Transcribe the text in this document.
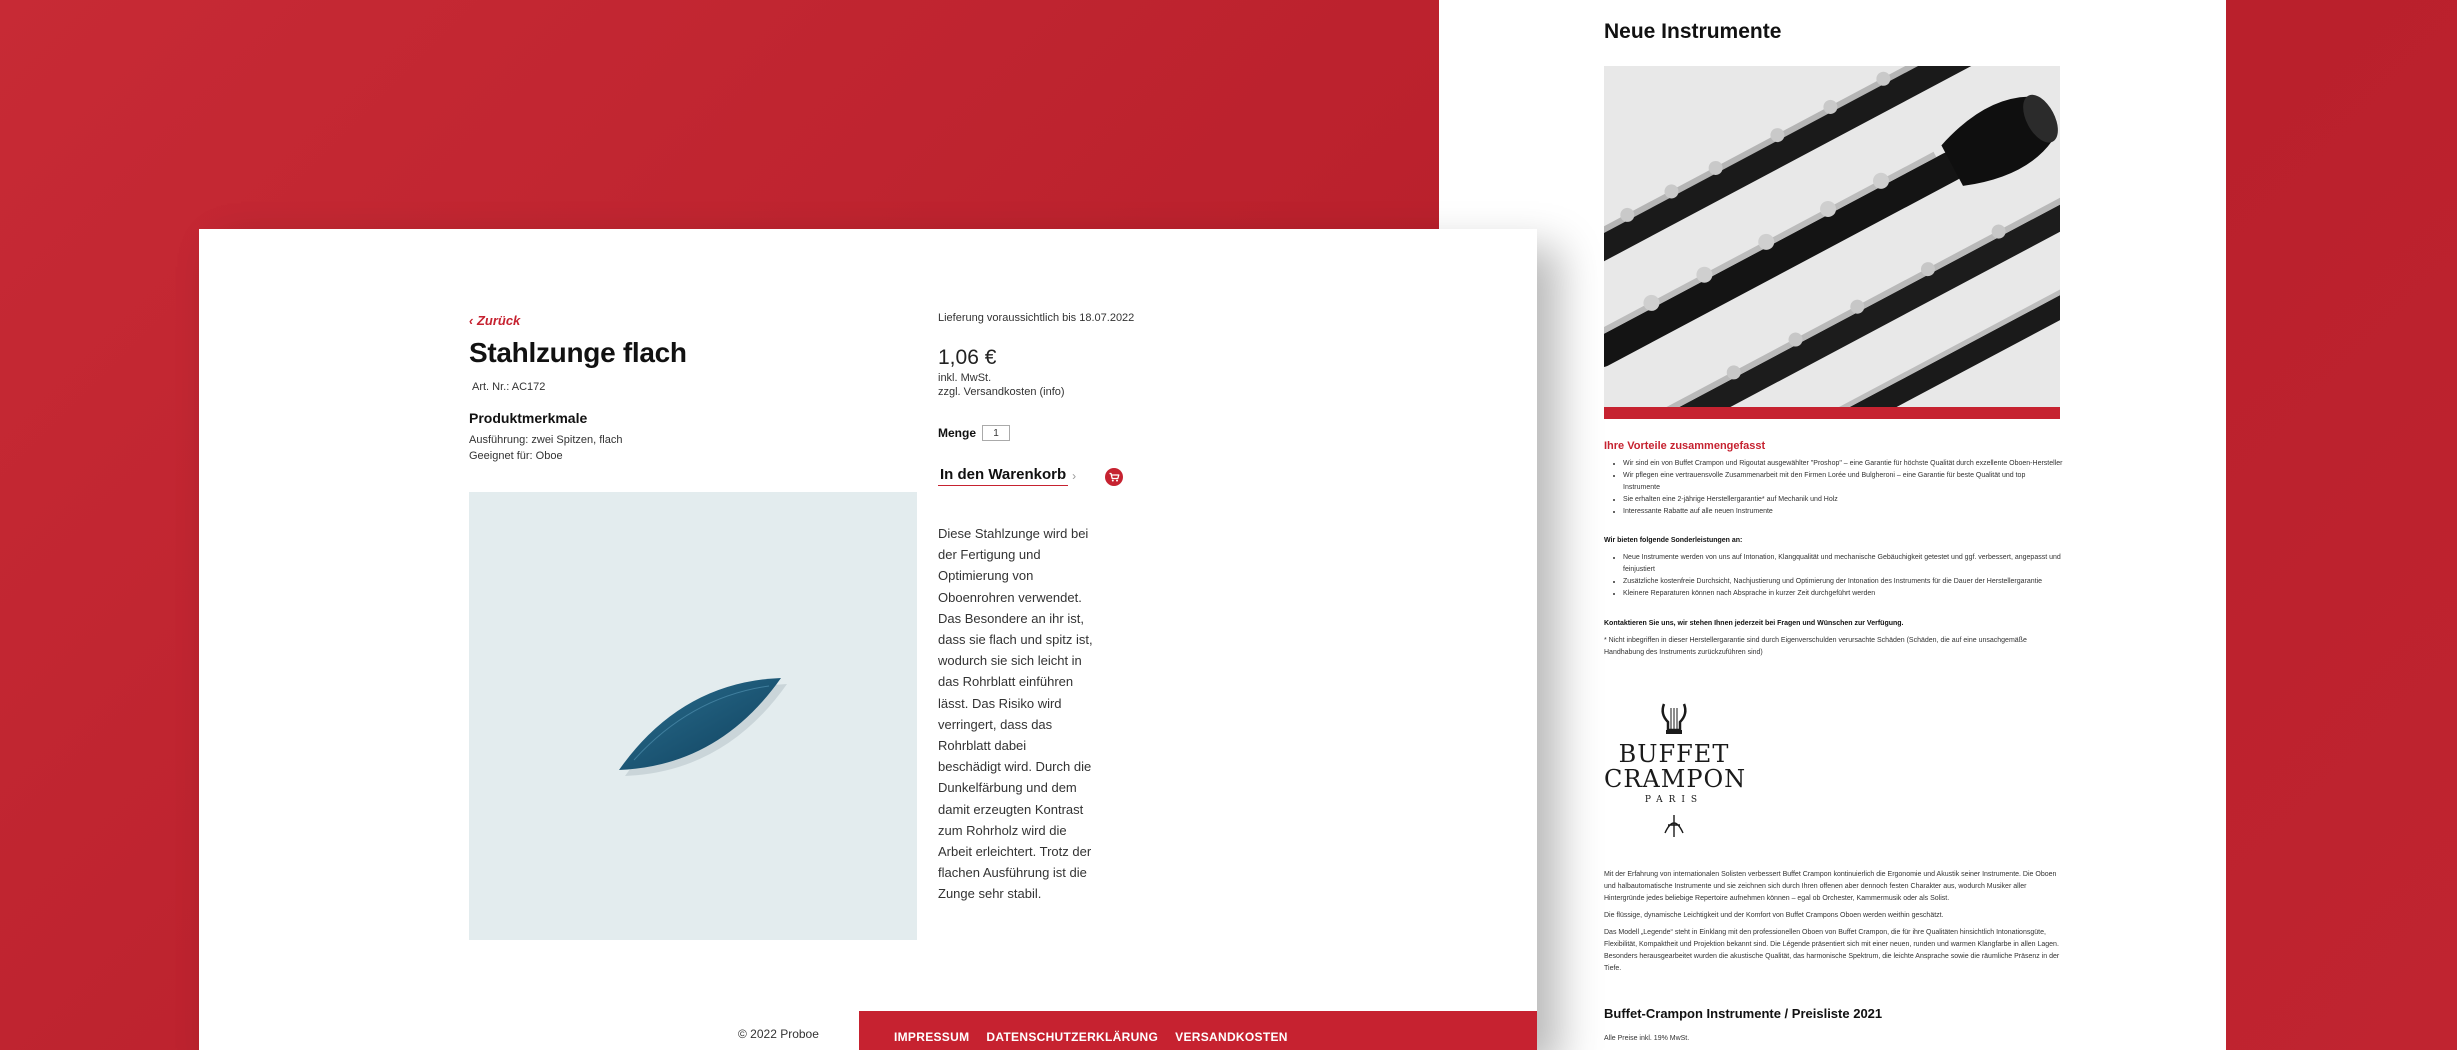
Neue Instrumente
Ihre Vorteile zusammengefasst
• Wir sind ein von Buffet Crampon und Rigoutat ausgewählter "Proshop" – eine Garantie für höchste Qualität durch exzellente Oboen-Hersteller
• Wir pflegen eine vertrauensvolle Zusammenarbeit mit den Firmen Lorée und Bulgheroni – eine Garantie für beste Qualität und top Instrumente
• Sie erhalten eine 2-jährige Herstellergarantie* auf Mechanik und Holz
• Interessante Rabatte auf alle neuen Instrumente
Wir bieten folgende Sonderleistungen an:
• Neue Instrumente werden von uns auf Intonation, Klangqualität und mechanische Gebäuchigkeit getestet und ggf. verbessert, angepasst und feinjustiert
• Zusätzliche kostenfreie Durchsicht, Nachjustierung und Optimierung der Intonation des Instruments für die Dauer der Herstellergarantie
• Kleinere Reparaturen können nach Absprache in kurzer Zeit durchgeführt werden
Kontaktieren Sie uns, wir stehen Ihnen jederzeit bei Fragen und Wünschen zur Verfügung.
* Nicht inbegriffen in dieser Herstellergarantie sind durch Eigenverschulden verursachte Schäden (Schäden, die auf eine unsachgemäße Handhabung des Instruments zurückzuführen sind)
BUFFET
CRAMPON
PARIS

Mit der Erfahrung von internationalen Solisten verbessert Buffet Crampon kontinuierlich die Ergonomie und Akustik seiner Instrumente. Die Oboen und halbautomatische Instrumente und sie zeichnen sich durch Ihren offenen aber dennoch festen Charakter aus, wodurch Musiker aller Hintergründe jedes beliebige Repertoire aufnehmen können – egal ob Orchester, Kammermusik oder als Solist.

Die flüssige, dynamische Leichtigkeit und der Komfort von Buffet Crampons Oboen werden weithin geschätzt.

Das Modell „Legende“ steht in Einklang mit den professionellen Oboen von Buffet Crampon, die für ihre Qualitäten hinsichtlich Intonationsgüte, Flexibilität, Kompaktheit und Projektion bekannt sind. Die Légende präsentiert sich mit einer neuen, runden und warmen Klangfarbe in allen Lagen. Besonders herausgearbeitet wurden die akustische Qualität, das harmonische Spektrum, die leichte Ansprache sowie die räumliche Präsenz in der Tiefe.

Buffet-Crampon Instrumente / Preisliste 2021
Alle Preise inkl. 19% MwSt.
‹ Zurück
Stahlzunge flach
Art. Nr.: AC172
Produktmerkmale
Ausführung: zwei Spitzen, flach
Geeignet für: Oboe
Lieferung voraussichtlich bis 18.07.2022
1,06 €
inkl. MwSt.
zzgl. Versandkosten (info)
Menge
1
In den Warenkorb ›
Diese Stahlzunge wird bei
der Fertigung und
Optimierung von
Oboenrohren verwendet.
Das Besondere an ihr ist,
dass sie flach und spitz ist,
wodurch sie sich leicht in
das Rohrblatt einführen
lässt. Das Risiko wird
verringert, dass das
Rohrblatt dabei
beschädigt wird. Durch die
Dunkelfärbung und dem
damit erzeugten Kontrast
zum Rohrholz wird die
Arbeit erleichtert. Trotz der
flachen Ausführung ist die
Zunge sehr stabil.
© 2022 Proboe	IMPRESSUM DATENSCHUTZERKLÄRUNG VERSANDKOSTEN
